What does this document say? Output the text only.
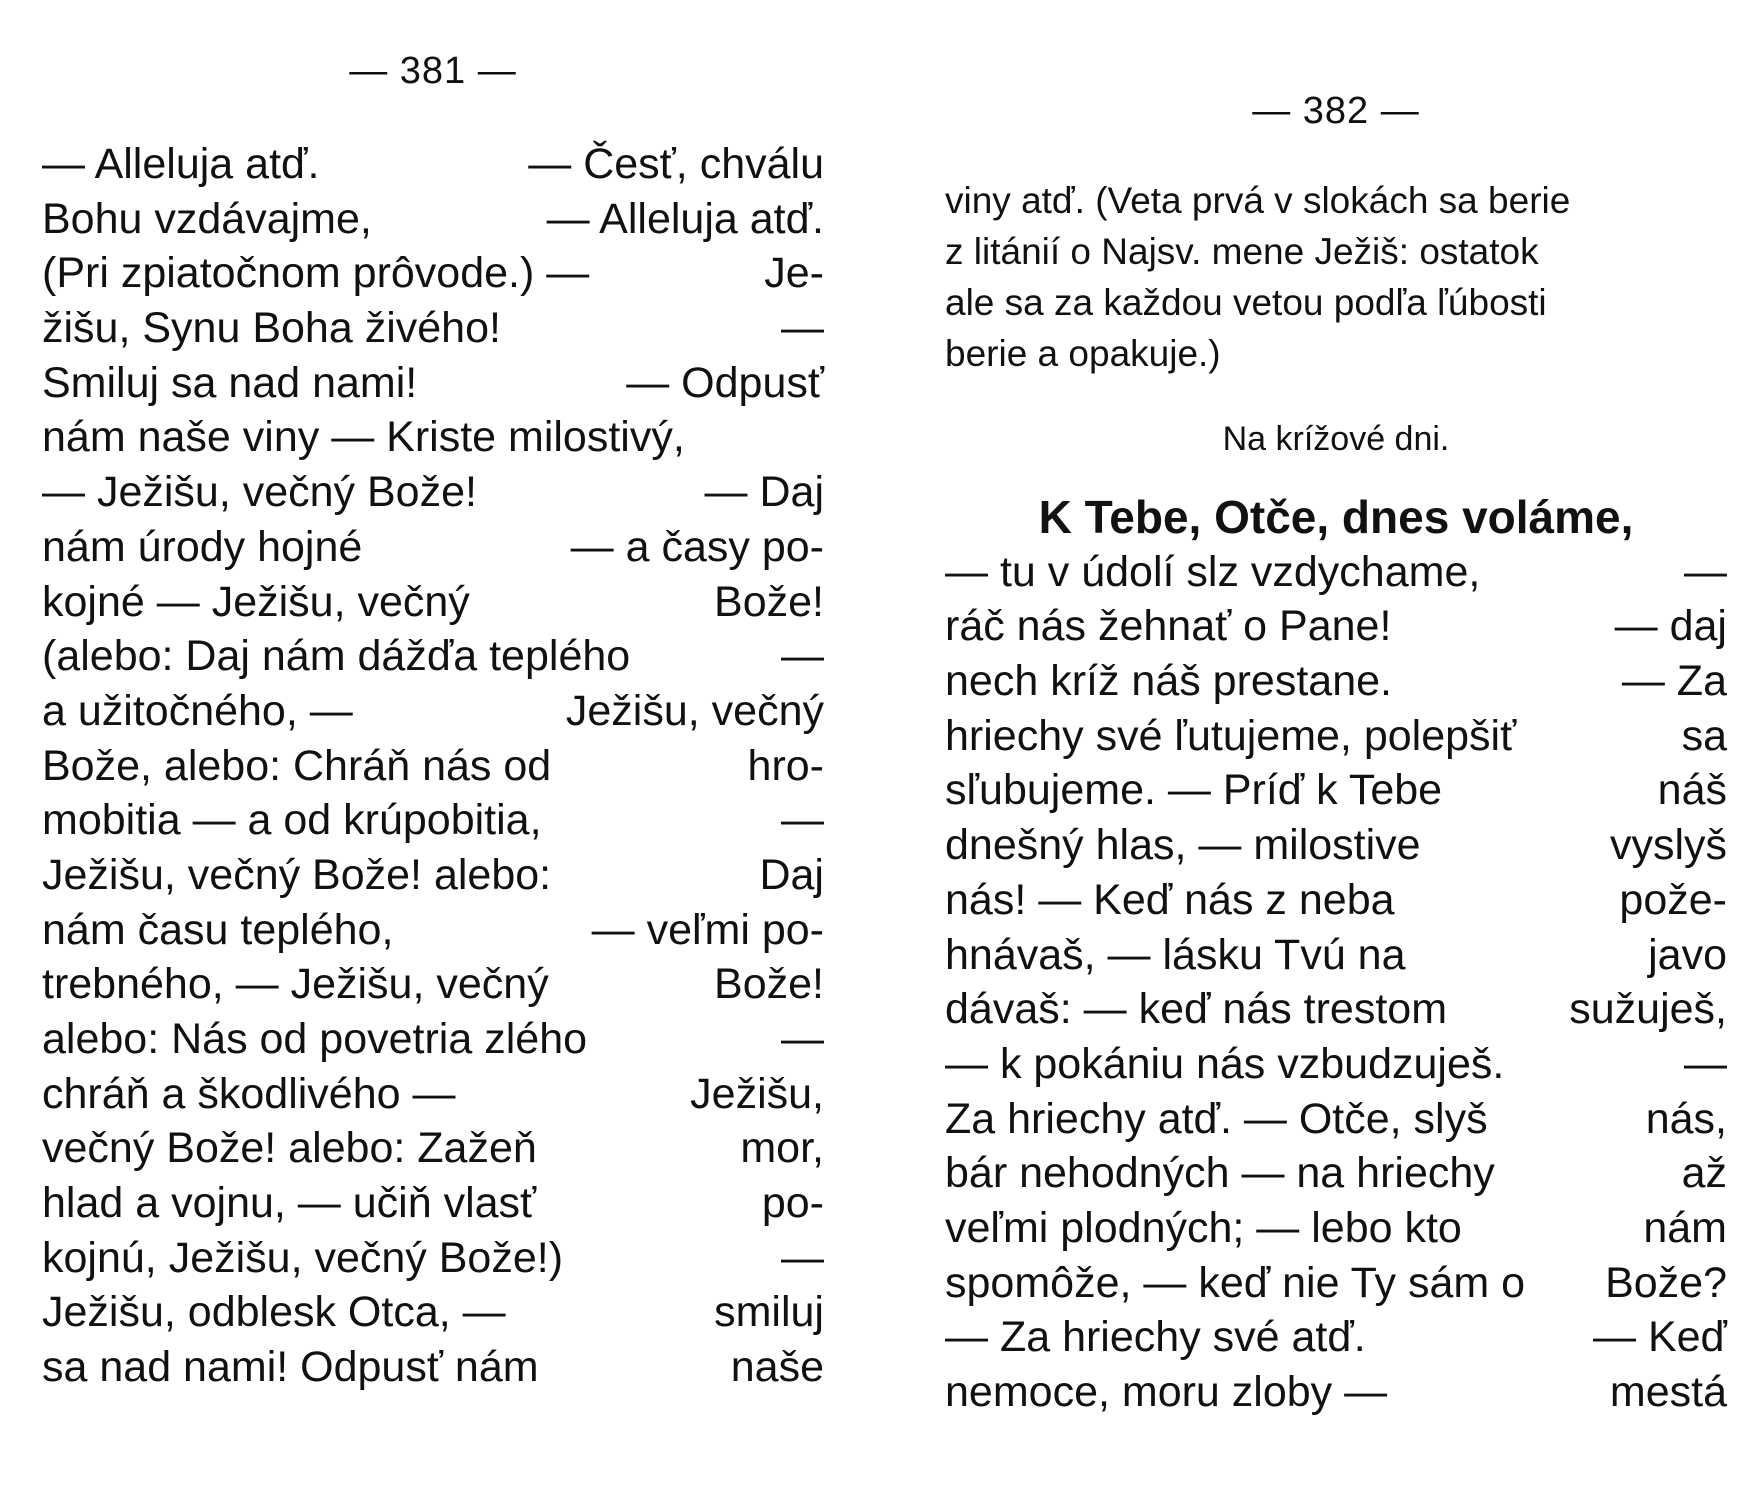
— 381 —
— Alleluja atď.	— Česť, chválu
Bohu vzdávajme,	— Alleluja atď.
(Pri zpiatočnom prôvode.) —	Je-
žišu, Synu Boha živého!	—
Smiluj sa nad nami!	— Odpusť
nám naše viny — Kriste milostivý,
— Ježišu, večný Bože!	— Daj
nám úrody hojné	— a časy po-
kojné — Ježišu, večný	Bože!
(alebo: Daj nám dážďa teplého	—
a užitočného, —	Ježišu, večný
Bože, alebo: Chráň nás od	hro-
mobitia — a od krúpobitia,	—
Ježišu, večný Bože! alebo:	Daj
nám času teplého,	— veľmi po-
trebného, — Ježišu, večný	Bože!
alebo: Nás od povetria zlého	—
chráň a škodlivého —	Ježišu,
večný Bože! alebo: Zažeň	mor,
hlad a vojnu, — učiň vlasť	po-
kojnú, Ježišu, večný Bože!)	—
Ježišu, odblesk Otca, —	smiluj
sa nad nami! Odpusť nám	naše
— 382 —
viny atď. (Veta prvá v slokách sa berie
z litánií o Najsv. mene Ježiš: ostatok
ale sa za každou vetou podľa ľúbosti
berie a opakuje.)
Na krížové dni.
K Tebe, Otče, dnes voláme,
— tu v údolí slz vzdychame,	—
ráč nás žehnať o Pane!	— daj
nech kríž náš prestane.	— Za
hriechy své ľutujeme, polepšiť	sa
sľubujeme. — Príď k Tebe	náš
dnešný hlas, — milostive	vyslyš
nás! — Keď nás z neba	pože-
hnávaš, — lásku Tvú na	javo
dávaš: — keď nás trestom	sužuješ,
— k pokániu nás vzbudzuješ.	—
Za hriechy atď. — Otče, slyš	nás,
bár nehodných — na hriechy	až
veľmi plodných; — lebo kto	nám
spomôže, — keď nie Ty sám o Bože?
— Za hriechy své atď.	— Keď
nemoce, moru zloby —	mestá
